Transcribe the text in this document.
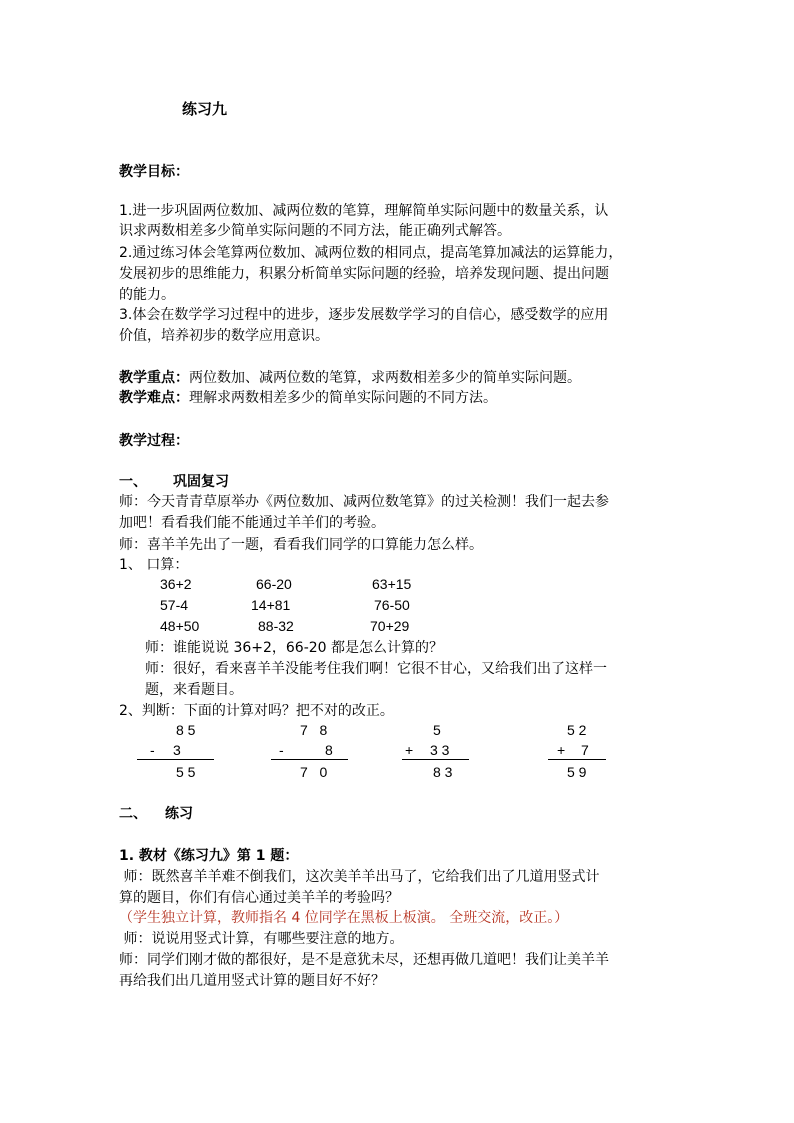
练习九
教学目标：
1.进一步巩固两位数加、减两位数的笔算，理解简单实际问题中的数量关系，认
识求两数相差多少简单实际问题的不同方法，能正确列式解答。
2.通过练习体会笔算两位数加、减两位数的相同点，提高笔算加减法的运算能力，
发展初步的思维能力，积累分析简单实际问题的经验，培养发现问题、提出问题
的能力。
3.体会在数学学习过程中的进步，逐步发展数学学习的自信心，感受数学的应用
价值，培养初步的数学应用意识。
教学重点：两位数加、减两位数的笔算，求两数相差多少的简单实际问题。
教学难点：理解求两数相差多少的简单实际问题的不同方法。
教学过程：
一、 巩固复习
师：今天青青草原举办《两位数加、减两位数笔算》的过关检测！我们一起去参
加吧！看看我们能不能通过羊羊们的考验。
师：喜羊羊先出了一题，看看我们同学的口算能力怎么样。
1、 口算：
36+2	66-20	63+15
57-4	14+81	76-50
48+50	88-32	70+29
师：谁能说说 36+2，66-20 都是怎么计算的？
师：很好，看来喜羊羊没能考住我们啊！它很不甘心，又给我们出了这样一
题，来看题目。
2、判断：下面的计算对吗？把不对的改正。
8 5
- 3
5 5
7   8
-	8
7   0
5
+ 3 3
8 3
5 2
+ 7
5 9
二、 练习
1. 教材《练习九》第 1 题：
师：既然喜羊羊难不倒我们，这次美羊羊出马了，它给我们出了几道用竖式计
算的题目，你们有信心通过美羊羊的考验吗？
（学生独立计算，教师指名 4 位同学在黑板上板演。 全班交流，改正。）
师：说说用竖式计算，有哪些要注意的地方。
师：同学们刚才做的都很好，是不是意犹未尽，还想再做几道吧！我们让美羊羊
再给我们出几道用竖式计算的题目好不好？
